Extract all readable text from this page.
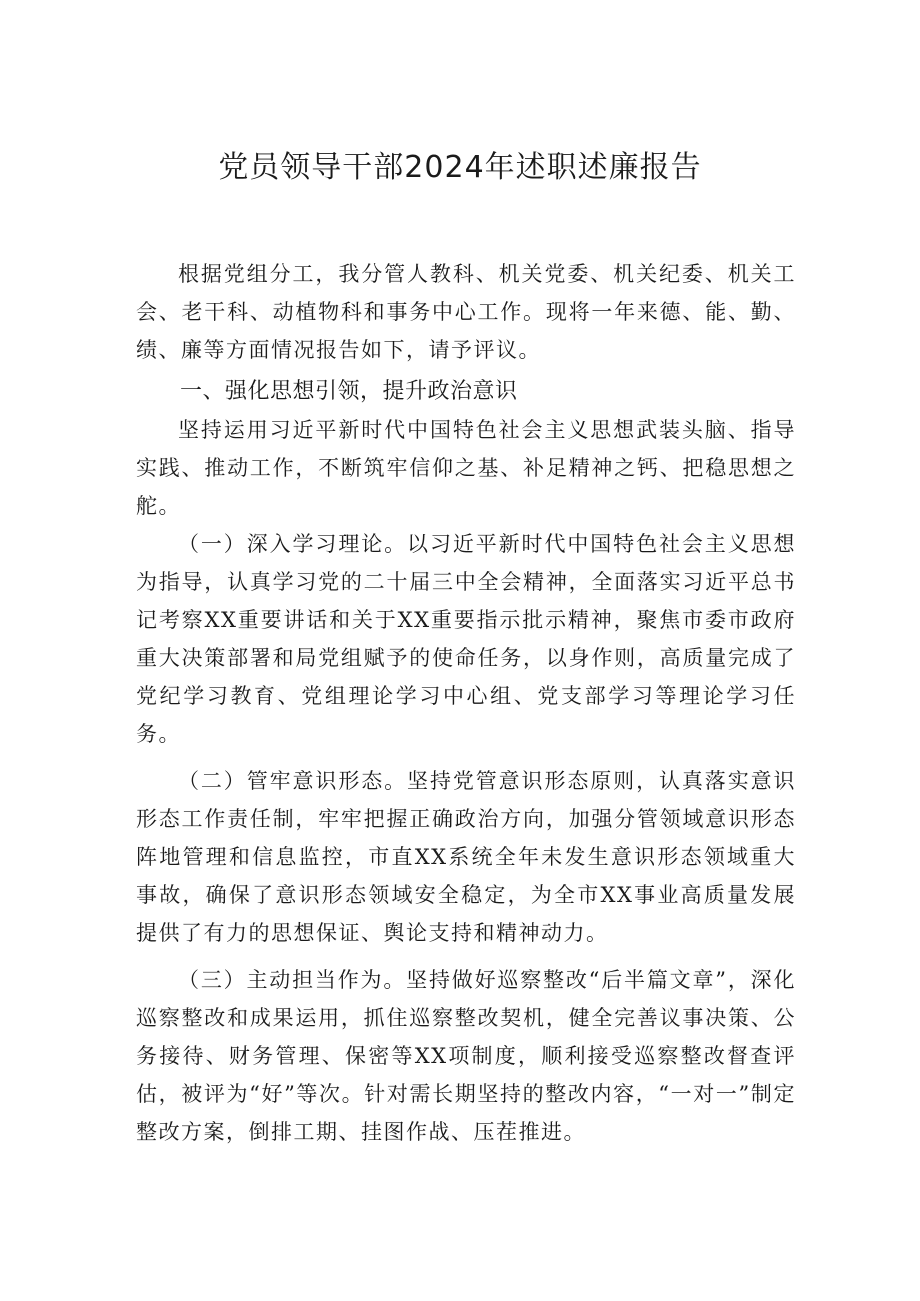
党员领导干部2024年述职述廉报告

根据党组分工，我分管人教科、机关党委、机关纪委、机关工会、老干科、动植物科和事务中心工作。现将一年来德、能、勤、绩、廉等方面情况报告如下，请予评议。

一、强化思想引领，提升政治意识

坚持运用习近平新时代中国特色社会主义思想武装头脑、指导实践、推动工作，不断筑牢信仰之基、补足精神之钙、把稳思想之舵。

（一）深入学习理论。以习近平新时代中国特色社会主义思想为指导，认真学习党的二十届三中全会精神，全面落实习近平总书记考察XX重要讲话和关于XX重要指示批示精神，聚焦市委市政府重大决策部署和局党组赋予的使命任务，以身作则，高质量完成了党纪学习教育、党组理论学习中心组、党支部学习等理论学习任务。

（二）管牢意识形态。坚持党管意识形态原则，认真落实意识形态工作责任制，牢牢把握正确政治方向，加强分管领域意识形态阵地管理和信息监控，市直XX系统全年未发生意识形态领域重大事故，确保了意识形态领域安全稳定，为全市XX事业高质量发展提供了有力的思想保证、舆论支持和精神动力。

（三）主动担当作为。坚持做好巡察整改“后半篇文章”，深化巡察整改和成果运用，抓住巡察整改契机，健全完善议事决策、公务接待、财务管理、保密等XX项制度，顺利接受巡察整改督查评估，被评为“好”等次。针对需长期坚持的整改内容，“一对一”制定整改方案，倒排工期、挂图作战、压茬推进。
